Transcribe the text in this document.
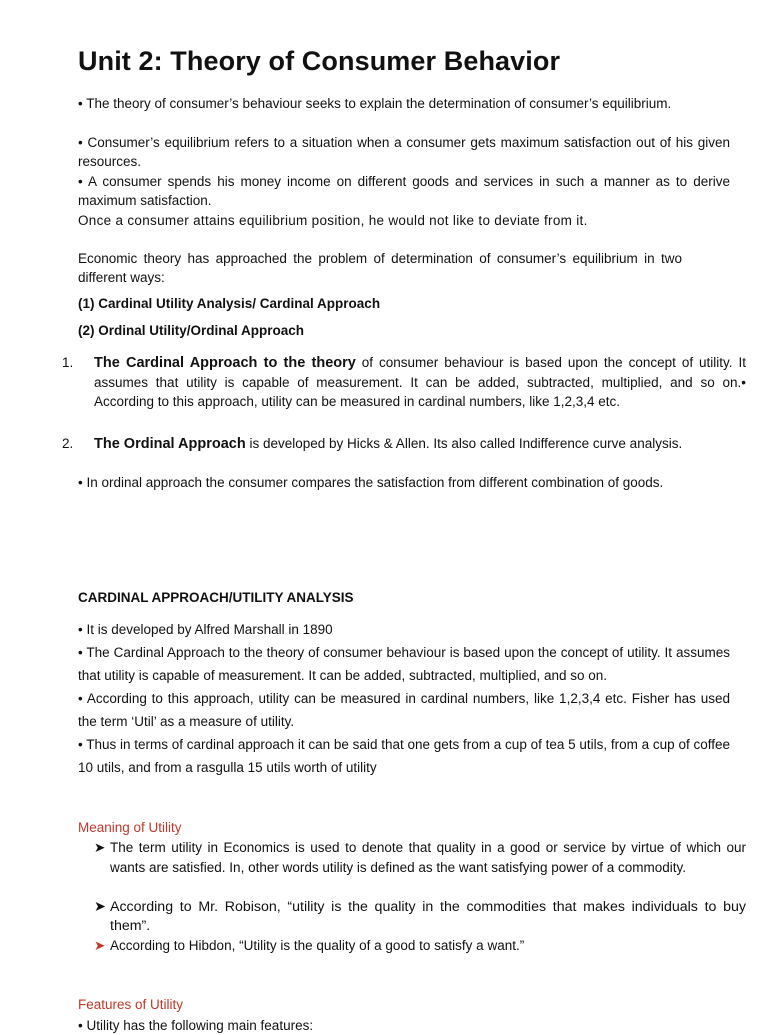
Unit 2: Theory of Consumer Behavior

• The theory of consumer’s behaviour seeks to explain the determination of consumer’s equilibrium.

• Consumer’s equilibrium refers to a situation when a consumer gets maximum satisfaction out of his given resources.

• A consumer spends his money income on different goods and services in such a manner as to derive maximum satisfaction.

Once a consumer attains equilibrium position, he would not like to deviate from it.

Economic theory has approached the problem of determination of consumer’s equilibrium in two different ways:

(1) Cardinal Utility Analysis/ Cardinal Approach

(2) Ordinal Utility/Ordinal Approach

1. The Cardinal Approach to the theory of consumer behaviour is based upon the concept of utility. It assumes that utility is capable of measurement. It can be added, subtracted, multiplied, and so on.• According to this approach, utility can be measured in cardinal numbers, like 1,2,3,4 etc.

2. The Ordinal Approach is developed by Hicks & Allen. Its also called Indifference curve analysis.

• In ordinal approach the consumer compares the satisfaction from different combination of goods.

CARDINAL APPROACH/UTILITY ANALYSIS

• It is developed by Alfred Marshall in 1890

• The Cardinal Approach to the theory of consumer behaviour is based upon the concept of utility. It assumes that utility is capable of measurement. It can be added, subtracted, multiplied, and so on.

• According to this approach, utility can be measured in cardinal numbers, like 1,2,3,4 etc. Fisher has used the term ‘Util’ as a measure of utility.

• Thus in terms of cardinal approach it can be said that one gets from a cup of tea 5 utils, from a cup of coffee 10 utils, and from a rasgulla 15 utils worth of utility

Meaning of Utility

➤ The term utility in Economics is used to denote that quality in a good or service by virtue of which our wants are satisfied. In, other words utility is defined as the want satisfying power of a commodity.

➤ According to Mr. Robison, “utility is the quality in the commodities that makes individuals to buy them”.

➤ According to Hibdon, “Utility is the quality of a good to satisfy a want.”

Features of Utility

• Utility has the following main features:
